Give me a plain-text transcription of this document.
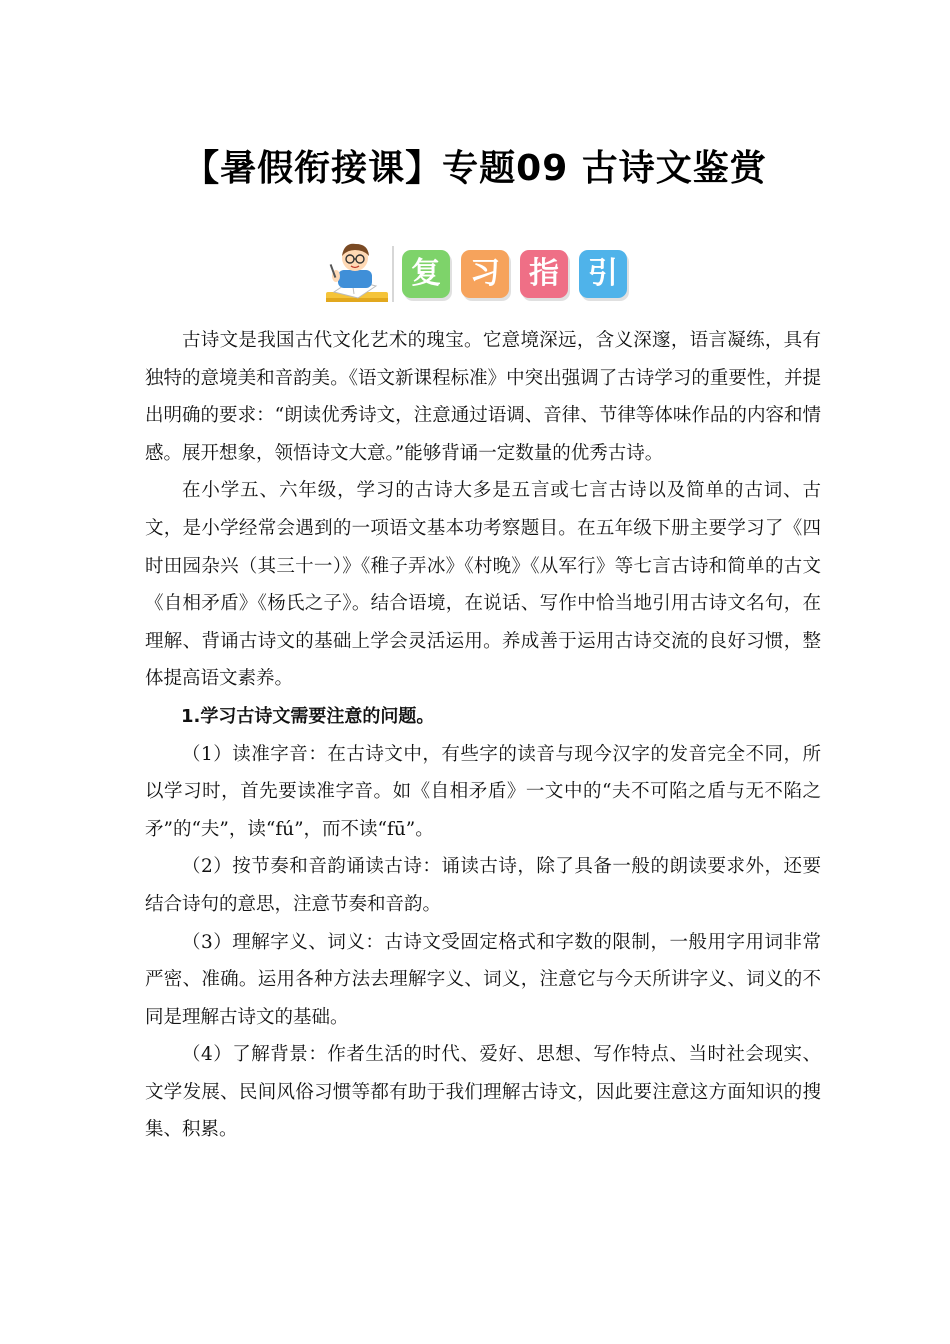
【暑假衔接课】专题09 古诗文鉴赏
复 习 指 引

古诗文是我国古代文化艺术的瑰宝。它意境深远，含义深邃，语言凝练，具有独特的意境美和音韵美。《语文新课程标准》中突出强调了古诗学习的重要性，并提出明确的要求：“朗读优秀诗文，注意通过语调、音律、节律等体味作品的内容和情感。展开想象，领悟诗文大意。”能够背诵一定数量的优秀古诗。

在小学五、六年级，学习的古诗大多是五言或七言古诗以及简单的古词、古文，是小学经常会遇到的一项语文基本功考察题目。在五年级下册主要学习了《四时田园杂兴（其三十一）》《稚子弄冰》《村晚》《从军行》等七言古诗和简单的古文《自相矛盾》《杨氏之子》。结合语境，在说话、写作中恰当地引用古诗文名句，在理解、背诵古诗文的基础上学会灵活运用。养成善于运用古诗交流的良好习惯，整体提高语文素养。

1.学习古诗文需要注意的问题。

（1）读准字音：在古诗文中，有些字的读音与现今汉字的发音完全不同，所以学习时，首先要读准字音。如《自相矛盾》一文中的“夫不可陷之盾与无不陷之矛”的“夫”，读“fú”，而不读“fū”。

（2）按节奏和音韵诵读古诗：诵读古诗，除了具备一般的朗读要求外，还要结合诗句的意思，注意节奏和音韵。

（3）理解字义、词义：古诗文受固定格式和字数的限制，一般用字用词非常严密、准确。运用各种方法去理解字义、词义，注意它与今天所讲字义、词义的不同是理解古诗文的基础。

（4）了解背景：作者生活的时代、爱好、思想、写作特点、当时社会现实、文学发展、民间风俗习惯等都有助于我们理解古诗文，因此要注意这方面知识的搜集、积累。
